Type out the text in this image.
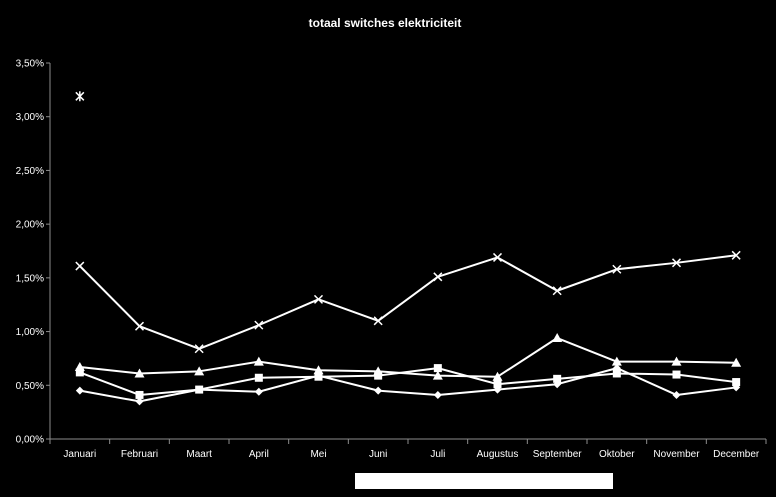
totaal switches elektriciteit
0,00%
0,50%
1,00%
1,50%
2,00%
2,50%
3,00%
3,50%
Januari Februari	Maart	April	Mei	Juni	Juli	Augustus September Oktober November December
